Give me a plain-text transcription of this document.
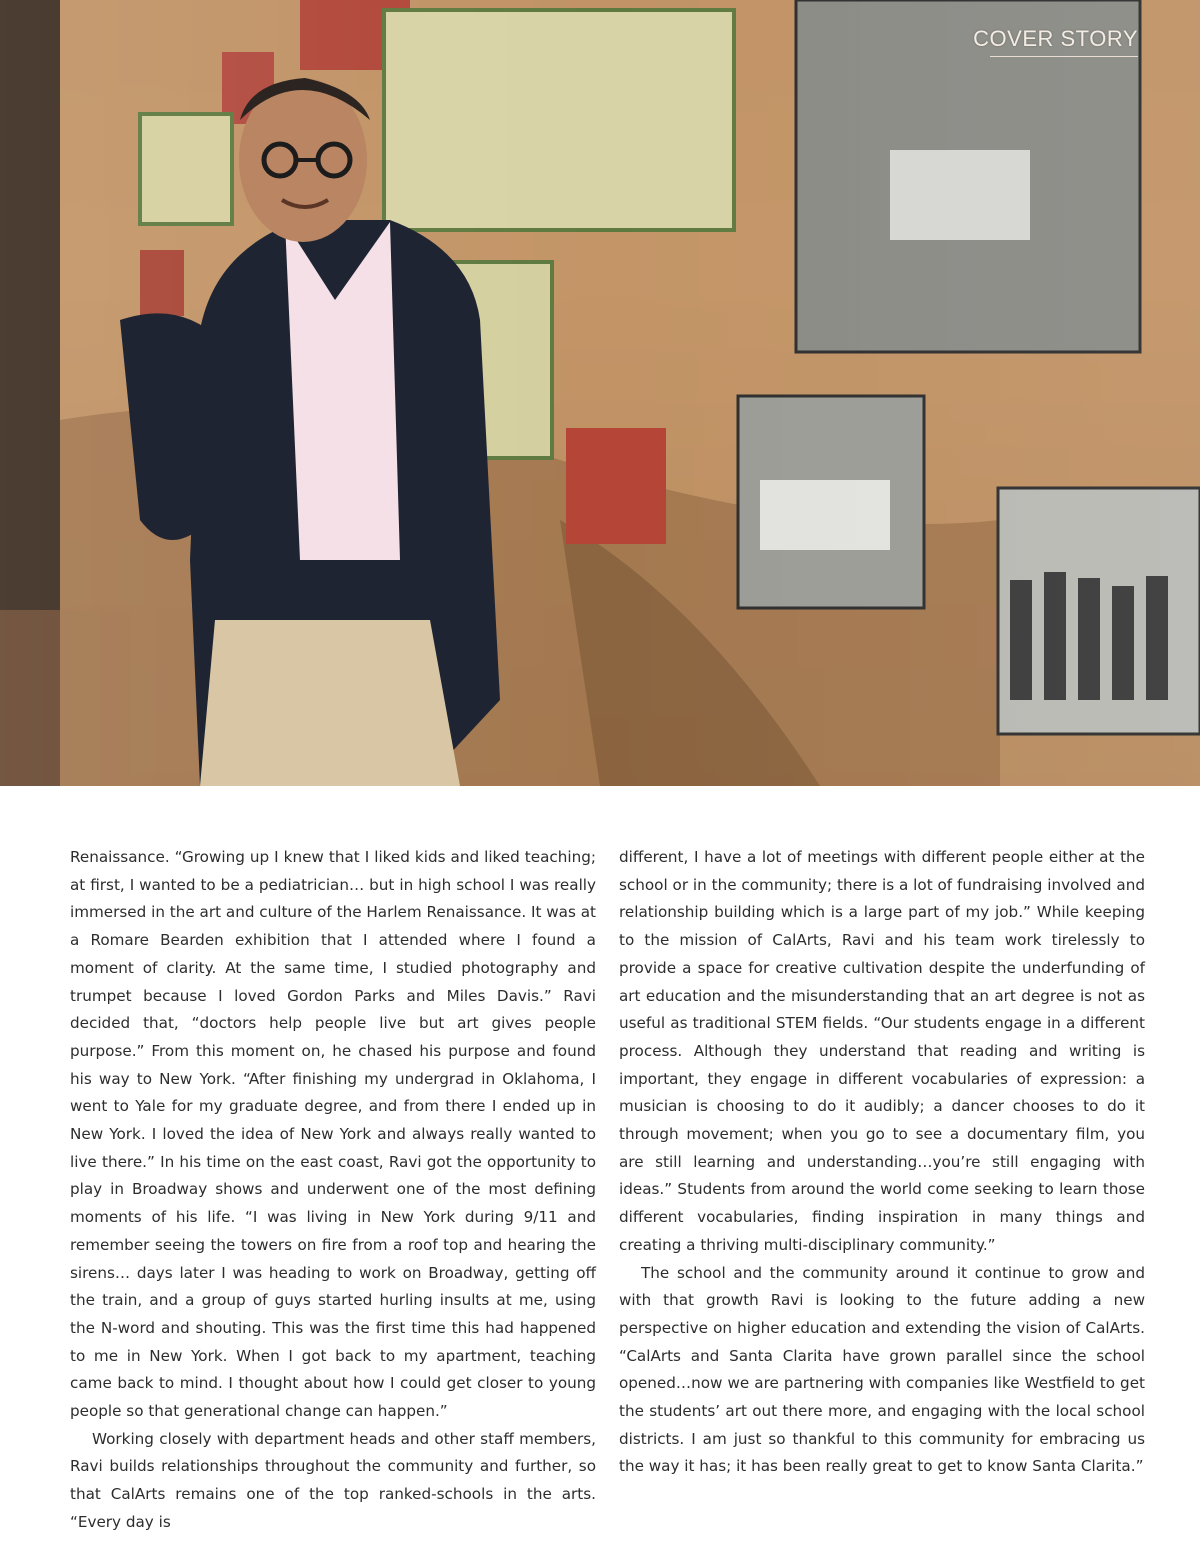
COVER STORY

Renaissance. “Growing up I knew that I liked kids and liked teaching; at first, I wanted to be a pediatrician… but in high school I was really immersed in the art and culture of the Harlem Renaissance. It was at a Romare Bearden exhibition that I attended where I found a moment of clarity. At the same time, I studied photography and trumpet because I loved Gordon Parks and Miles Davis.” Ravi decided that, “doctors help people live but art gives people purpose.” From this moment on, he chased his purpose and found his way to New York. “After finishing my undergrad in Oklahoma, I went to Yale for my graduate degree, and from there I ended up in New York. I loved the idea of New York and always really wanted to live there.” In his time on the east coast, Ravi got the opportunity to play in Broadway shows and underwent one of the most defining moments of his life. “I was living in New York during 9/11 and remember seeing the towers on fire from a roof top and hearing the sirens… days later I was heading to work on Broadway, getting off the train, and a group of guys started hurling insults at me, using the N-word and shouting. This was the first time this had happened to me in New York. When I got back to my apartment, teaching came back to mind. I thought about how I could get closer to young people so that generational change can happen.”

Working closely with department heads and other staff members, Ravi builds relationships throughout the community and further, so that CalArts remains one of the top ranked-schools in the arts. “Every day is

different, I have a lot of meetings with different people either at the school or in the community; there is a lot of fundraising involved and relationship building which is a large part of my job.” While keeping to the mission of CalArts, Ravi and his team work tirelessly to provide a space for creative cultivation despite the underfunding of art education and the misunderstanding that an art degree is not as useful as traditional STEM fields. “Our students engage in a different process. Although they understand that reading and writing is important, they engage in different vocabularies of expression: a musician is choosing to do it audibly; a dancer chooses to do it through movement; when you go to see a documentary film, you are still learning and understanding…you’re still engaging with ideas.” Students from around the world come seeking to learn those different vocabularies, finding inspiration in many things and creating a thriving multi-disciplinary community.”

The school and the community around it continue to grow and with that growth Ravi is looking to the future adding a new perspective on higher education and extending the vision of CalArts. “CalArts and Santa Clarita have grown parallel since the school opened…now we are partnering with companies like Westfield to get the students’ art out there more, and engaging with the local school districts. I am just so thankful to this community for embracing us the way it has; it has been really great to get to know Santa Clarita.”
